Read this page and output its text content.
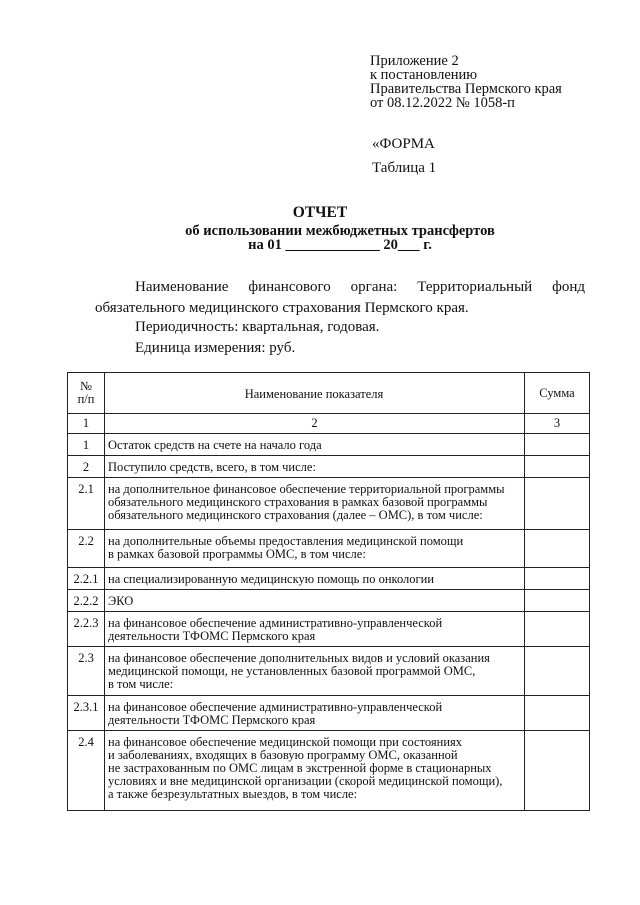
Приложение 2
к постановлению
Правительства Пермского края
от 08.12.2022 № 1058-п
«ФОРМА
Таблица 1
ОТЧЕТ
об использовании межбюджетных трансфертов
на 01 _____________ 20___ г.
Наименование финансового органа: Территориальный фонд обязательного медицинского страхования Пермского края.
Периодичность: квартальная, годовая.
Единица измерения: руб.
№
п/п	Наименование показателя	Сумма
1	2	3
1	Остаток средств на счете на начало года	
2	Поступило средств, всего, в том числе:	
2.1	на дополнительное финансовое обеспечение территориальной программы
обязательного медицинского страхования в рамках базовой программы
обязательного медицинского страхования (далее – ОМС), в том числе:	
2.2	на дополнительные объемы предоставления медицинской помощи
в рамках базовой программы ОМС, в том числе:	
2.2.1	на специализированную медицинскую помощь по онкологии	
2.2.2	ЭКО	
2.2.3	на финансовое обеспечение административно-управленческой
деятельности ТФОМС Пермского края	
2.3	на финансовое обеспечение дополнительных видов и условий оказания
медицинской помощи, не установленных базовой программой ОМС,
в том числе:	
2.3.1	на финансовое обеспечение административно-управленческой
деятельности ТФОМС Пермского края	
2.4	на финансовое обеспечение медицинской помощи при состояниях
и заболеваниях, входящих в базовую программу ОМС, оказанной
не застрахованным по ОМС лицам в экстренной форме в стационарных
условиях и вне медицинской организации (скорой медицинской помощи),
а также безрезультатных выездов, в том числе:	
